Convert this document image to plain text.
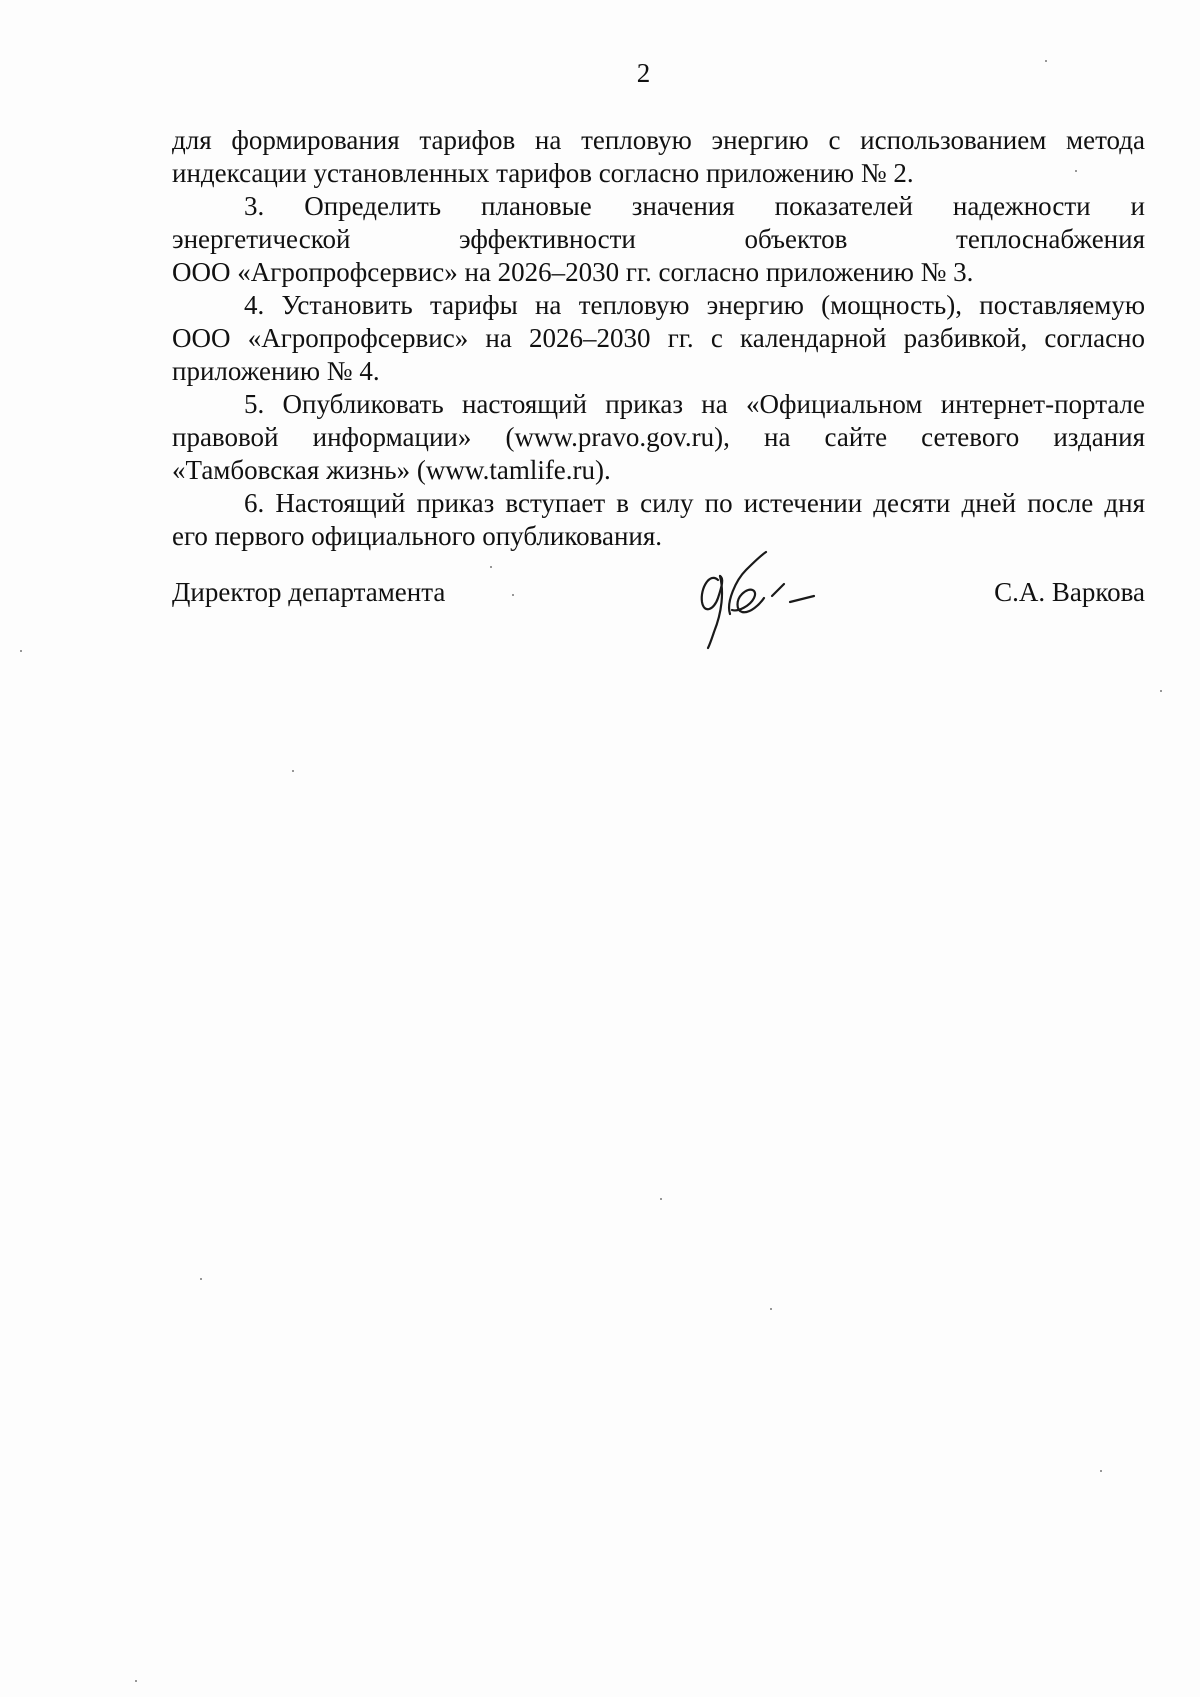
2

для формирования тарифов на тепловую энергию с использованием метода
индексации установленных тарифов согласно приложению № 2.

3. Определить плановые значения показателей надежности и
энергетической эффективности объектов теплоснабжения
ООО «Агропрофсервис» на 2026–2030 гг. согласно приложению № 3.

4. Установить тарифы на тепловую энергию (мощность), поставляемую
ООО «Агропрофсервис» на 2026–2030 гг. с календарной разбивкой, согласно
приложению № 4.

5. Опубликовать настоящий приказ на «Официальном интернет-портале
правовой информации» (www.pravo.gov.ru), на сайте сетевого издания
«Тамбовская жизнь» (www.tamlife.ru).

6. Настоящий приказ вступает в силу по истечении десяти дней после дня
его первого официального опубликования.

Директор департамента	С.А. Варкова
